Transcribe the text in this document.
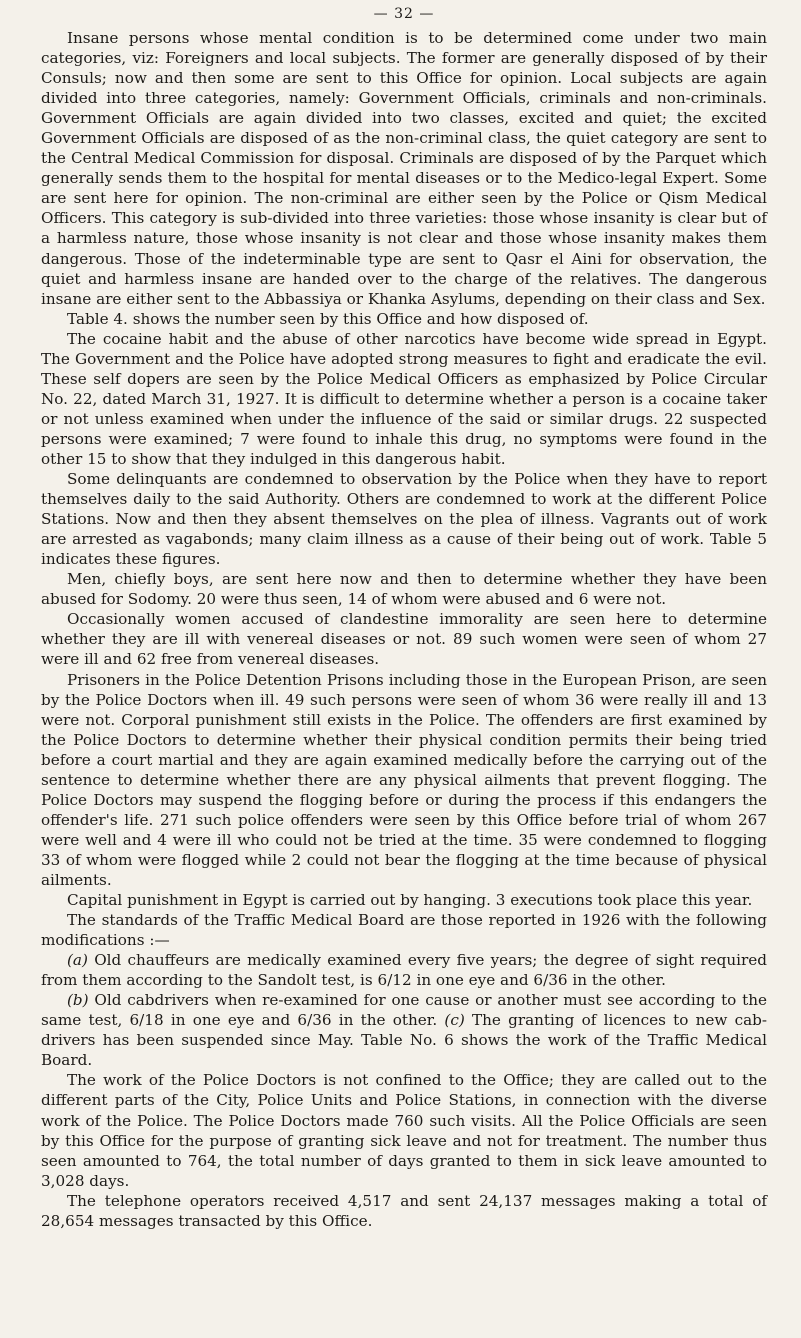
— 32 —

Insane persons whose mental condition is to be determined come under two main categories, viz: Foreigners and local subjects. The former are generally disposed of by their Consuls; now and then some are sent to this Office for opinion. Local subjects are again divided into three categories, namely: Government Officials, criminals and non-criminals. Government Officials are again divided into two classes, excited and quiet; the excited Government Officials are disposed of as the non-criminal class, the quiet category are sent to the Central Medical Commission for disposal. Criminals are disposed of by the Parquet which generally sends them to the hospital for mental diseases or to the Medico-legal Expert. Some are sent here for opinion. The non-criminal are either seen by the Police or Qism Medical Officers. This category is sub-divided into three varieties: those whose insanity is clear but of a harmless nature, those whose insanity is not clear and those whose insanity makes them dangerous. Those of the indeterminable type are sent to Qasr el Aini for observation, the quiet and harmless insane are handed over to the charge of the relatives. The dangerous insane are either sent to the Abbassiya or Khanka Asylums, depending on their class and Sex.

Table 4. shows the number seen by this Office and how disposed of.

The cocaine habit and the abuse of other narcotics have become wide spread in Egypt. The Government and the Police have adopted strong measures to fight and eradicate the evil. These self dopers are seen by the Police Medical Officers as emphasized by Police Circular No. 22, dated March 31, 1927. It is difficult to determine whether a person is a cocaine taker or not unless examined when under the influence of the said or similar drugs. 22 suspected persons were examined; 7 were found to inhale this drug, no symptoms were found in the other 15 to show that they indulged in this dangerous habit.

Some delinquants are condemned to observation by the Police when they have to report themselves daily to the said Authority. Others are condemned to work at the different Police Stations. Now and then they absent themselves on the plea of illness. Vagrants out of work are arrested as vagabonds; many claim illness as a cause of their being out of work. Table 5 indicates these figures.

Men, chiefly boys, are sent here now and then to determine whether they have been abused for Sodomy. 20 were thus seen, 14 of whom were abused and 6 were not.

Occasionally women accused of clandestine immorality are seen here to determine whether they are ill with venereal diseases or not. 89 such women were seen of whom 27 were ill and 62 free from venereal diseases.

Prisoners in the Police Detention Prisons including those in the European Prison, are seen by the Police Doctors when ill. 49 such persons were seen of whom 36 were really ill and 13 were not. Corporal punishment still exists in the Police. The offenders are first examined by the Police Doctors to determine whether their physical condition permits their being tried before a court martial and they are again examined medically before the carrying out of the sentence to determine whether there are any physical ailments that prevent flogging. The Police Doctors may suspend the flogging before or during the process if this endangers the offender's life. 271 such police offenders were seen by this Office before trial of whom 267 were well and 4 were ill who could not be tried at the time. 35 were condemned to flogging 33 of whom were flogged while 2 could not bear the flogging at the time because of physical ailments.

Capital punishment in Egypt is carried out by hanging. 3 executions took place this year.

The standards of the Traffic Medical Board are those reported in 1926 with the following modifications :—

(a) Old chauffeurs are medically examined every five years; the degree of sight required from them according to the Sandolt test, is 6/12 in one eye and 6/36 in the other.

(b) Old cabdrivers when re-examined for one cause or another must see according to the same test, 6/18 in one eye and 6/36 in the other. (c) The granting of licences to new cab-drivers has been suspended since May. Table No. 6 shows the work of the Traffic Medical Board.

The work of the Police Doctors is not confined to the Office; they are called out to the different parts of the City, Police Units and Police Stations, in connection with the diverse work of the Police. The Police Doctors made 760 such visits. All the Police Officials are seen by this Office for the purpose of granting sick leave and not for treatment. The number thus seen amounted to 764, the total number of days granted to them in sick leave amounted to 3,028 days.

The telephone operators received 4,517 and sent 24,137 messages making a total of 28,654 messages transacted by this Office.
